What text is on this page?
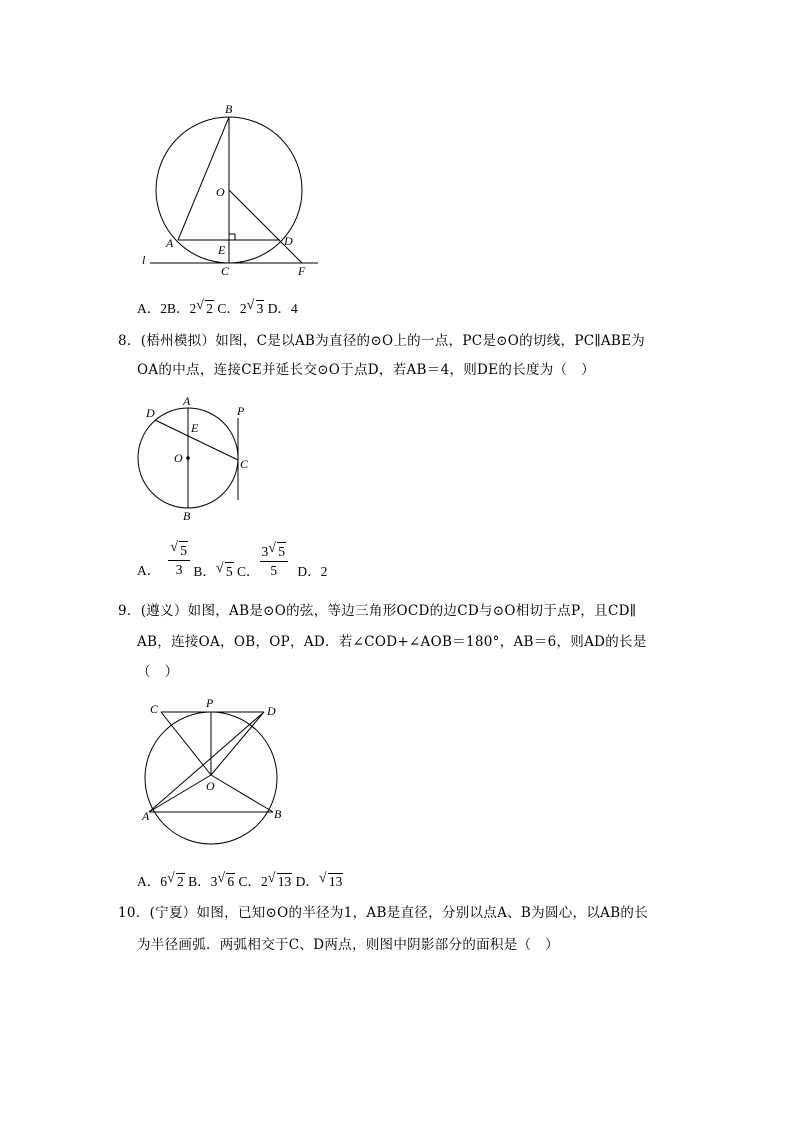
B
O
A	E
D
C	F
l
A．2B．2 √ 2 C．2 √ 3 D．4
8．(梧州模拟）如图，C是以AB为直径的⊙O上的一点，PC是⊙O的切线，PC∥ABE为
OA的中点，连接CE并延长交⊙O于点D，若AB＝4，则DE的长度为（　）
A
D
E
P
O	C
B
A． $\frac{√ 5}{3}$ B． √ 5 C． $\frac{3 √ 5}{5}$ D．2
9．(遵义）如图，AB是⊙O的弦，等边三角形OCD的边CD与⊙O相切于点P，且CD∥
AB，连接OA，OB，OP，AD．若∠COD+∠AOB＝180°，AB＝6，则AD的长是
（　）
C	P
D
O
A	B
A．6 √ 2 B．3 √ 6 C．2 √ 13 D． √ 13
10．(宁夏）如图，已知⊙O的半径为1，AB是直径，分别以点A、B为圆心，以AB的长
为半径画弧．两弧相交于C、D两点，则图中阴影部分的面积是（　）
